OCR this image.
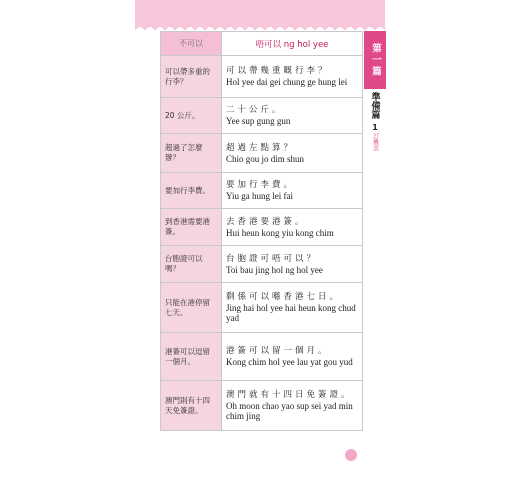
不可以	唔可以 ng hol yee
可以帶多重的行李？	可以帶幾重嘅行李？
Hol yee dai gei chung ge hung lei

20 公斤。	二十公斤。
Yee sup gung gun

超過了怎麼辦？	超過左點算？
Chio gou jo dim shun

要加行李費。	要加行李費。
Yiu ga hung lei fai

到香港需要港簽。	去香港要港簽。
Hui heun kong yiu kong chim

台胞證可以嗎？	台胞證可唔可以？
Toi bau jing hol ng hol yee

只能在港停留七天。	剩係可以喺香港七日。
Jing hai hol yee hai heun kong chud yad

港簽可以逗留一個月。	港簽可以留一個月。
Kong chim hol yee lau yat gou yud

澳門則有十四天免簽證。	澳門就有十四日免簽證。
Oh moon chao yao sup sei yad min chim jing
第一篇
準備篇
1
訂機票
